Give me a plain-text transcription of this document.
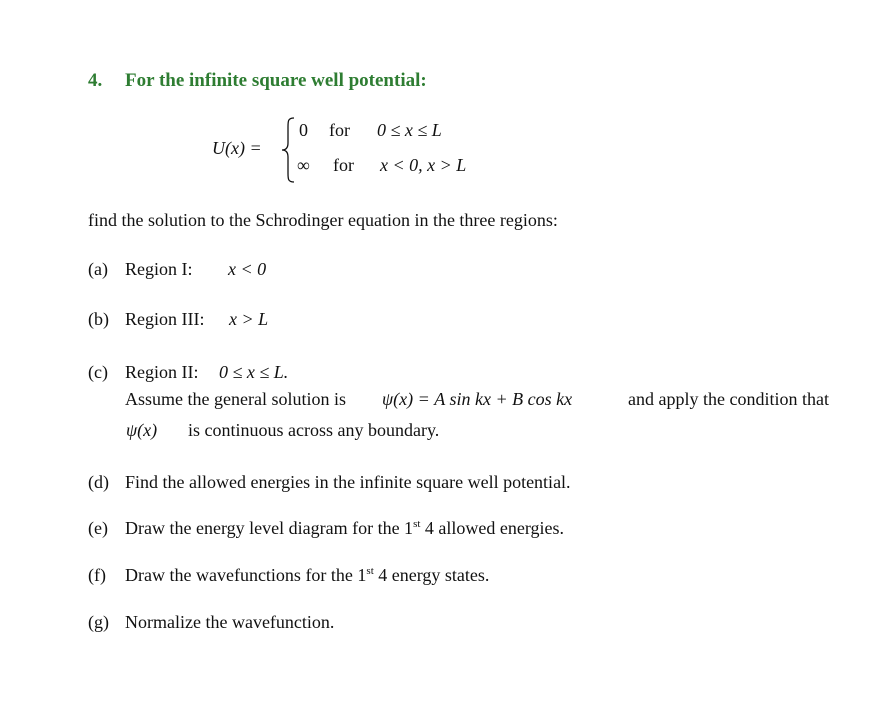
4. For the infinite square well potential:
U(x) =
0 for 0 ≤ x ≤ L
∞ for x < 0, x > L
find the solution to the Schrodinger equation in the three regions:
(a) Region I: x < 0
(b) Region III: x > L
(c) Region II: 0 ≤ x ≤ L.
Assume the general solution is ψ(x) = A sin kx + B cos kx	and apply the condition that
ψ(x) is continuous across any boundary.
(d) Find the allowed energies in the infinite square well potential.
(e) Draw the energy level diagram for the 1st 4 allowed energies.
(f) Draw the wavefunctions for the 1st 4 energy states.
(g) Normalize the wavefunction.
